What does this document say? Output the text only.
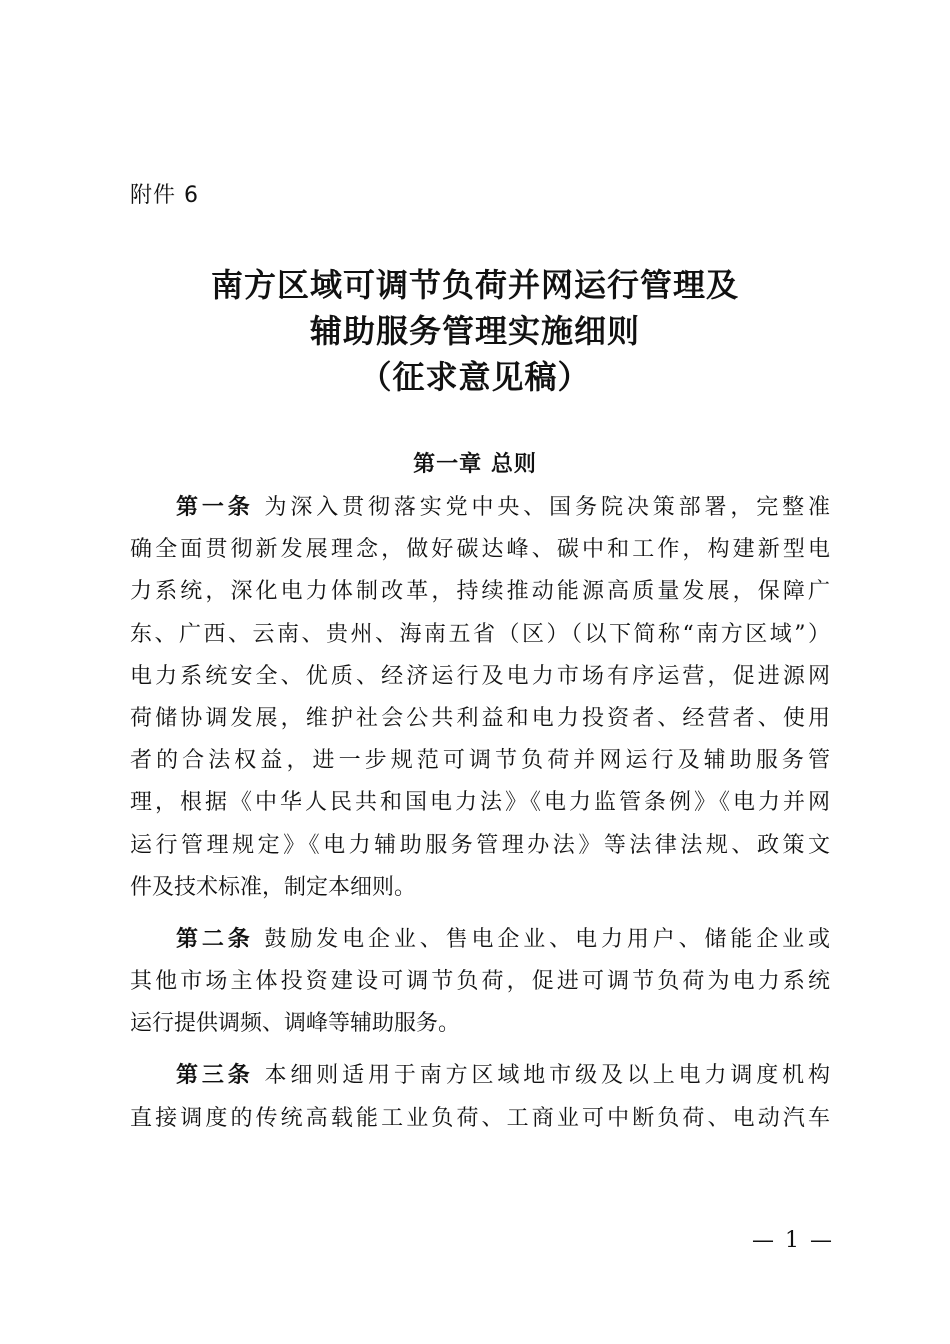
附件 6
南方区域可调节负荷并网运行管理及
辅助服务管理实施细则
（征求意见稿）
第一章 总则
第一条 为深入贯彻落实党中央、国务院决策部署，完整准
确全面贯彻新发展理念，做好碳达峰、碳中和工作，构建新型电
力系统，深化电力体制改革，持续推动能源高质量发展，保障广
东、广西、云南、贵州、海南五省（区）（以下简称“南方区域”）
电力系统安全、优质、经济运行及电力市场有序运营，促进源网
荷储协调发展，维护社会公共利益和电力投资者、经营者、使用
者的合法权益，进一步规范可调节负荷并网运行及辅助服务管
理，根据《中华人民共和国电力法》《电力监管条例》《电力并网
运行管理规定》《电力辅助服务管理办法》等法律法规、政策文
件及技术标准，制定本细则。
第二条 鼓励发电企业、售电企业、电力用户、储能企业或
其他市场主体投资建设可调节负荷，促进可调节负荷为电力系统
运行提供调频、调峰等辅助服务。
第三条 本细则适用于南方区域地市级及以上电力调度机构
直接调度的传统高载能工业负荷、工商业可中断负荷、电动汽车
— 1 —
